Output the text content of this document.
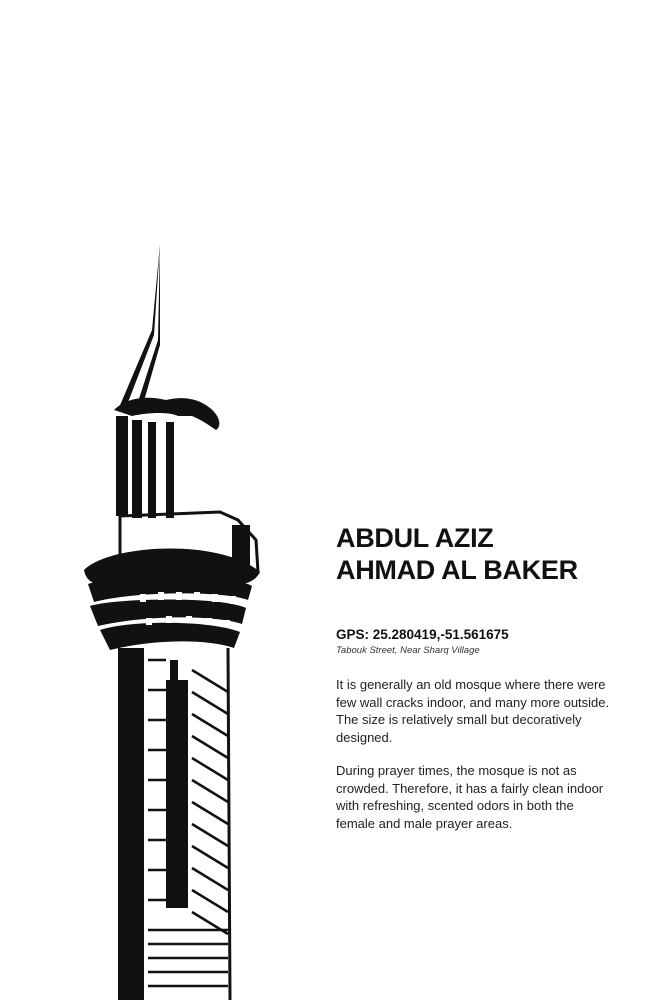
ABDUL AZIZ
AHMAD AL BAKER
GPS: 25.280419,-51.561675
Tabouk Street, Near Sharq Village

It is generally an old mosque where there were few wall cracks indoor, and many more outside. The size is relatively small but decoratively designed.

During prayer times, the mosque is not as crowded. Therefore, it has a fairly clean indoor with refreshing, scented odors in both the female and male prayer areas.
